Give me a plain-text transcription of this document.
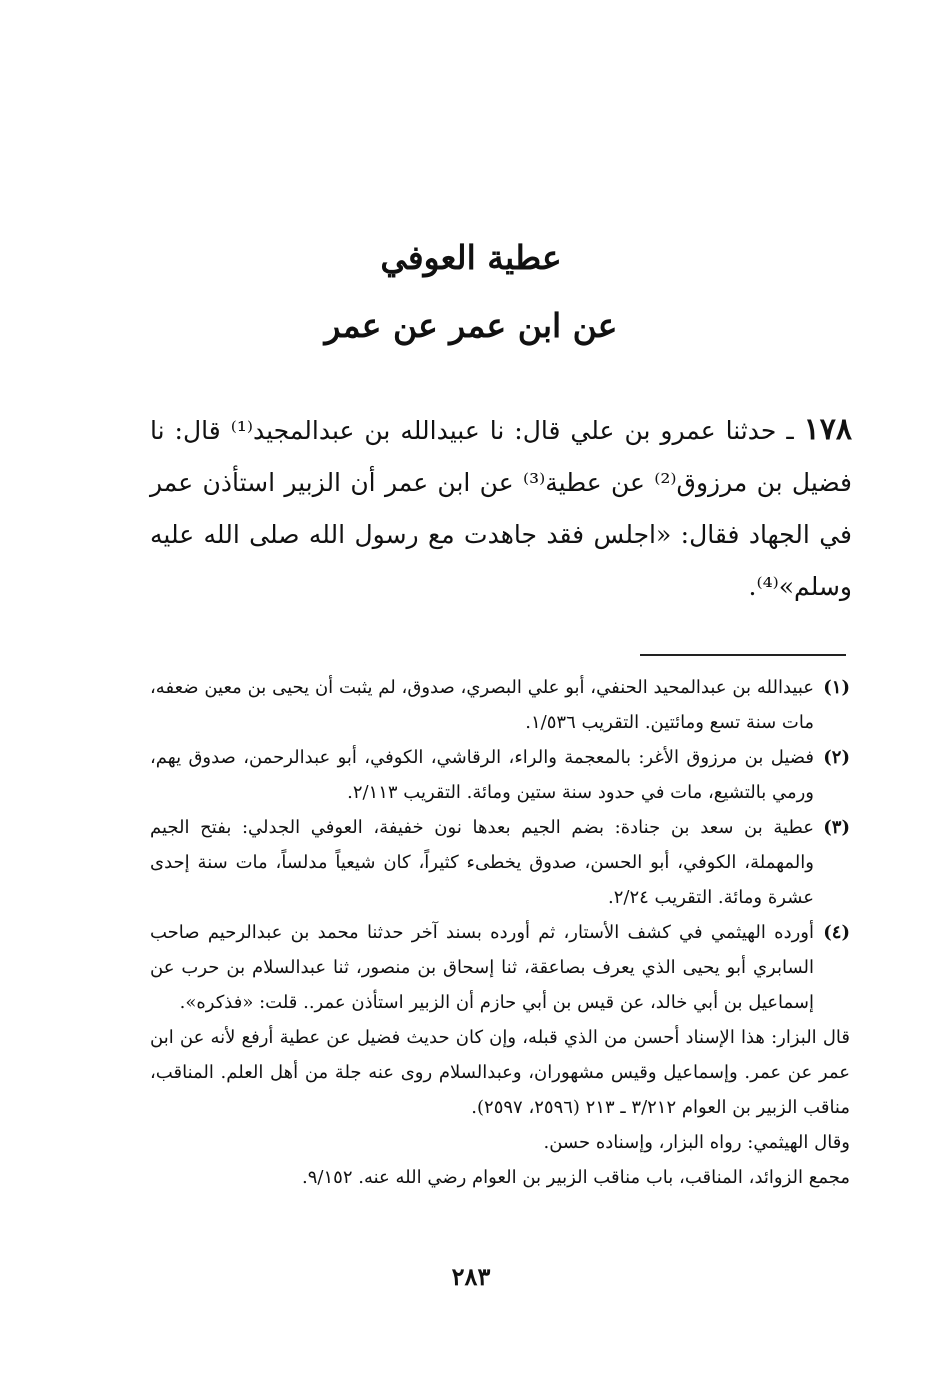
عطية العوفي
عن ابن عمر عن عمر

١٧٨ ـ حدثنا عمرو بن علي قال: نا عبيدالله بن عبدالمجيد⁽¹⁾ قال: نا فضيل بن مرزوق⁽²⁾ عن عطية⁽³⁾ عن ابن عمر أن الزبير استأذن عمر في الجهاد فقال: «اجلس فقد جاهدت مع رسول الله صلى الله عليه وسلم»⁽⁴⁾.

(١)
عبيدالله بن عبدالمحيد الحنفي، أبو علي البصري، صدوق، لم يثبت أن يحيى بن معين ضعفه، مات سنة تسع ومائتين. التقريب ١/٥٣٦.
(٢)
فضيل بن مرزوق الأغر: بالمعجمة والراء، الرقاشي، الكوفي، أبو عبدالرحمن، صدوق يهم، ورمي بالتشيع، مات في حدود سنة ستين ومائة. التقريب ٢/١١٣.
(٣)
عطية بن سعد بن جنادة: بضم الجيم بعدها نون خفيفة، العوفي الجدلي: بفتح الجيم والمهملة، الكوفي، أبو الحسن، صدوق يخطىء كثيراً، كان شيعياً مدلساً، مات سنة إحدى عشرة ومائة. التقريب ٢/٢٤.
(٤)
أورده الهيثمي في كشف الأستار، ثم أورده بسند آخر حدثنا محمد بن عبدالرحيم صاحب السابري أبو يحيى الذي يعرف بصاعقة، ثنا إسحاق بن منصور، ثنا عبدالسلام بن حرب عن إسماعيل بن أبي خالد، عن قيس بن أبي حازم أن الزبير استأذن عمر.. قلت: «فذكره».

قال البزار: هذا الإسناد أحسن من الذي قبله، وإن كان حديث فضيل عن عطية أرفع لأنه عن ابن عمر عن عمر. وإسماعيل وقيس مشهوران، وعبدالسلام روى عنه جلة من أهل العلم. المناقب، مناقب الزبير بن العوام ٣/٢١٢ ـ ٢١٣ (٢٥٩٦، ٢٥٩٧).

وقال الهيثمي: رواه البزار، وإسناده حسن.

مجمع الزوائد، المناقب، باب مناقب الزبير بن العوام رضي الله عنه. ٩/١٥٢.

٢٨٣
